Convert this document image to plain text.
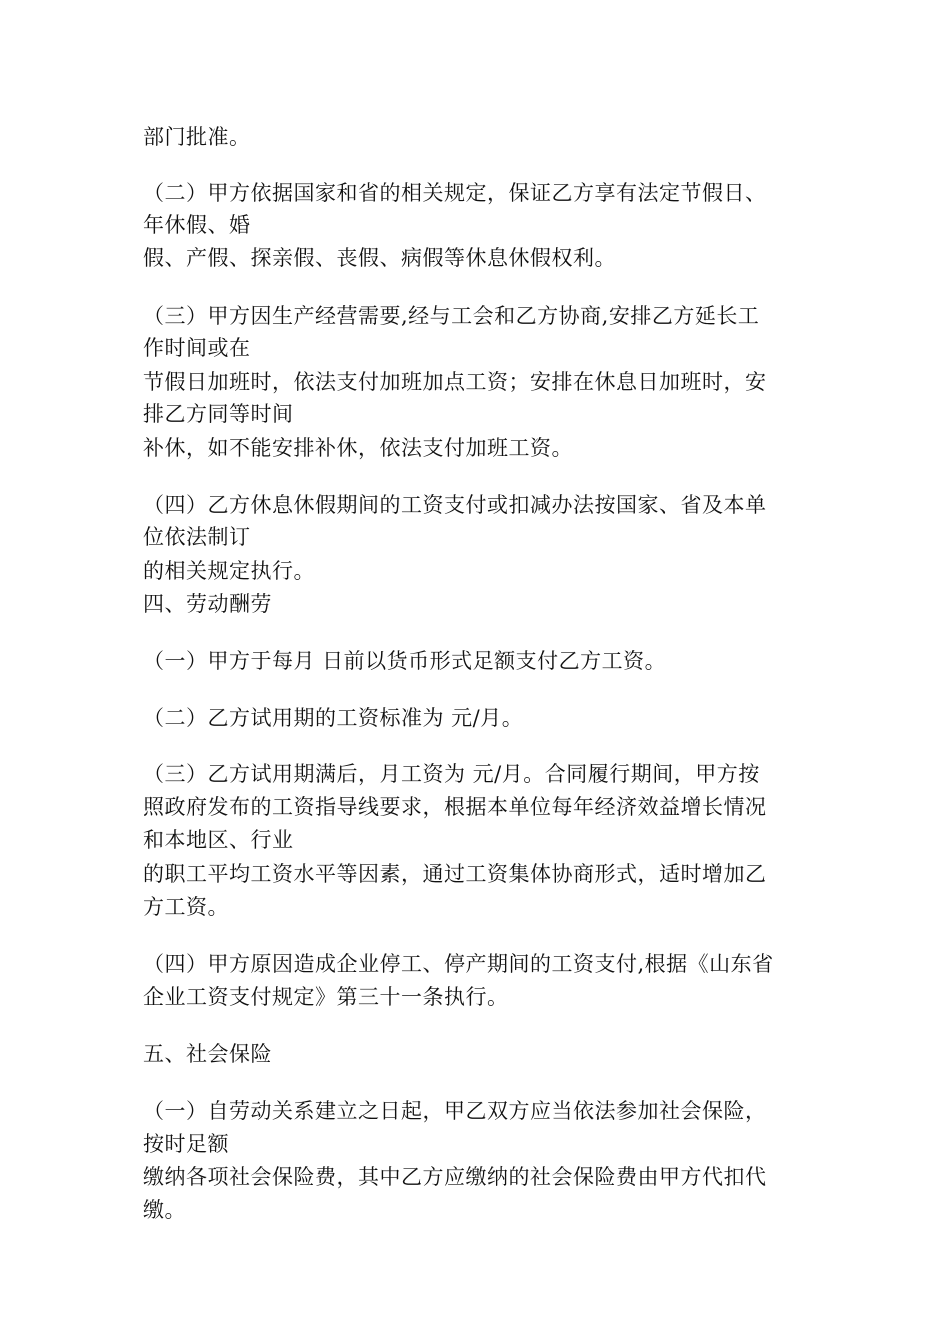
部门批准。
（二）甲方依据国家和省的相关规定，保证乙方享有法定节假日、
年休假、婚
假、产假、探亲假、丧假、病假等休息休假权利。
（三）甲方因生产经营需要,经与工会和乙方协商,安排乙方延长工
作时间或在
节假日加班时，依法支付加班加点工资；安排在休息日加班时，安
排乙方同等时间
补休，如不能安排补休，依法支付加班工资。
（四）乙方休息休假期间的工资支付或扣减办法按国家、省及本单
位依法制订
的相关规定执行。
四、劳动酬劳
（一）甲方于每月 日前以货币形式足额支付乙方工资。
（二）乙方试用期的工资标准为 元/月。
（三）乙方试用期满后，月工资为 元/月。合同履行期间，甲方按
照政府发布的工资指导线要求，根据本单位每年经济效益增长情况
和本地区、行业
的职工平均工资水平等因素，通过工资集体协商形式，适时增加乙
方工资。
（四）甲方原因造成企业停工、停产期间的工资支付,根据《山东省
企业工资支付规定》第三十一条执行。
五、社会保险
（一）自劳动关系建立之日起，甲乙双方应当依法参加社会保险，
按时足额
缴纳各项社会保险费，其中乙方应缴纳的社会保险费由甲方代扣代
缴。
